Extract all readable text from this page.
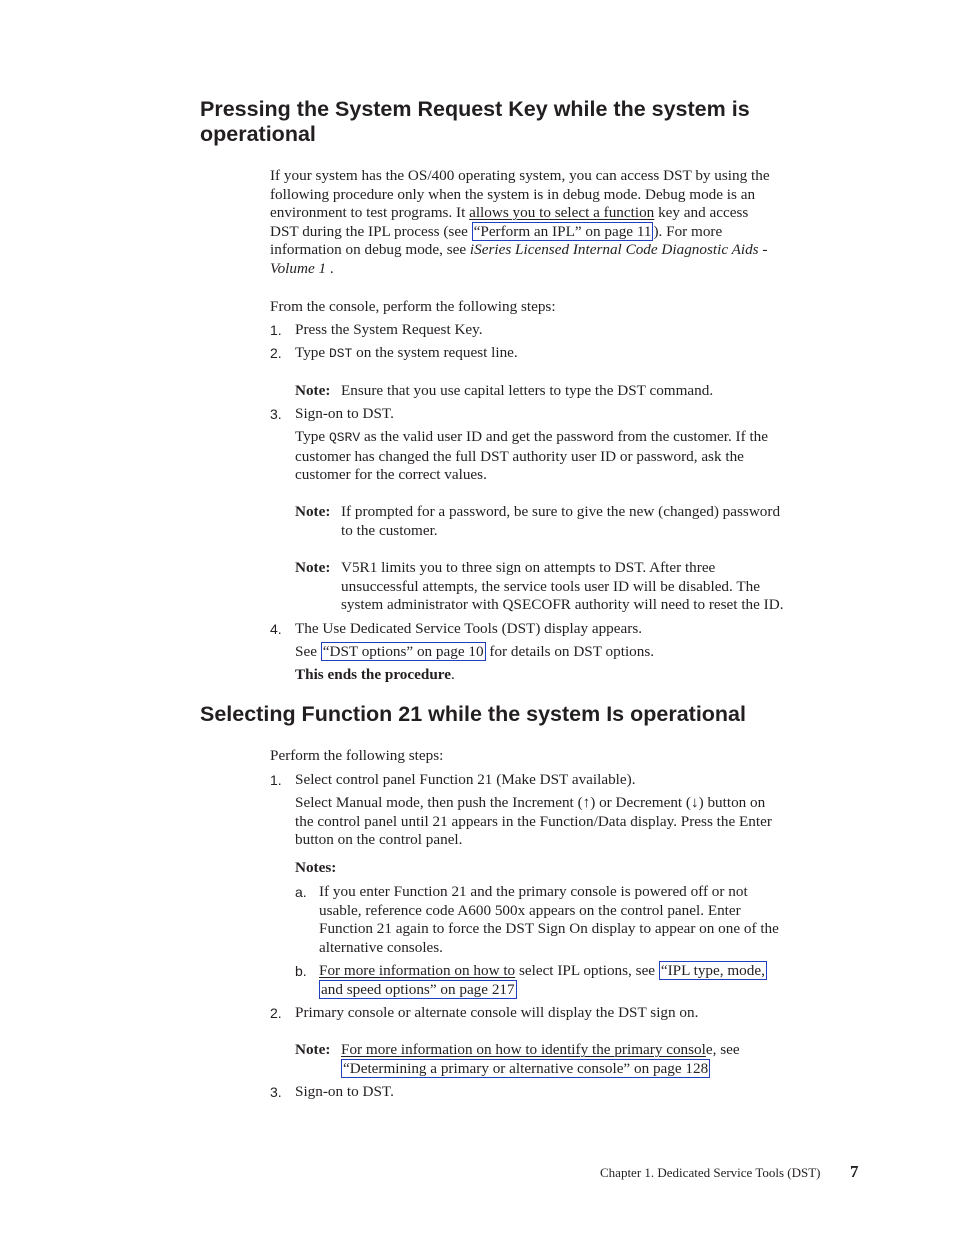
Pressing the System Request Key while the system is
operational
If your system has the OS/400 operating system, you can access DST by using the
following procedure only when the system is in debug mode. Debug mode is an
environment to test programs. It allows you to select a function key and access
DST during the IPL process (see “Perform an IPL” on page 11 ). For more
information on debug mode, see iSeries Licensed Internal Code Diagnostic Aids -
Volume 1 .
From the console, perform the following steps:
1. Press the System Request Key.
2. Type DST on the system request line.
Note: Ensure that you use capital letters to type the DST command.
3. Sign-on to DST.
Type QSRV as the valid user ID and get the password from the customer. If the
customer has changed the full DST authority user ID or password, ask the
customer for the correct values.
Note: If prompted for a password, be sure to give the new (changed) password
to the customer.
Note: V5R1 limits you to three sign on attempts to DST. After three
unsuccessful attempts, the service tools user ID will be disabled. The
system administrator with QSECOFR authority will need to reset the ID.
4. The Use Dedicated Service Tools (DST) display appears.
See “DST options” on page 10 for details on DST options.
This ends the procedure.
Selecting Function 21 while the system Is operational
Perform the following steps:
1. Select control panel Function 21 (Make DST available).
Select Manual mode, then push the Increment (↑) or Decrement (↓) button on
the control panel until 21 appears in the Function/Data display. Press the Enter
button on the control panel.
Notes:
a. If you enter Function 21 and the primary console is powered off or not
usable, reference code A600 500x appears on the control panel. Enter
Function 21 again to force the DST Sign On display to appear on one of the
alternative consoles.
b. For more information on how to select IPL options, see “IPL type, mode,
and speed options” on page 217
2. Primary console or alternate console will display the DST sign on.
Note: For more information on how to identify the primary console, see
“Determining a primary or alternative console” on page 128
3. Sign-on to DST.
Chapter 1. Dedicated Service Tools (DST) 7
